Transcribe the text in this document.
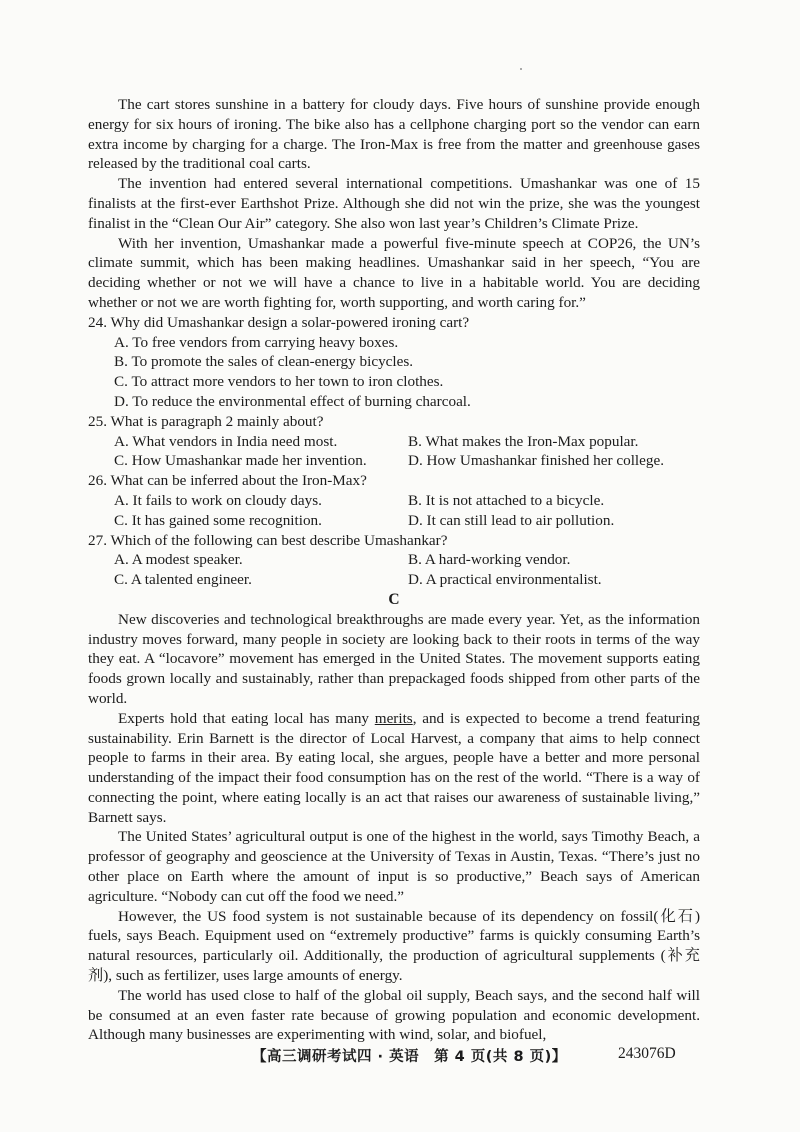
The cart stores sunshine in a battery for cloudy days. Five hours of sunshine provide enough energy for six hours of ironing. The bike also has a cellphone charging port so the vendor can earn extra income by charging for a charge. The Iron-Max is free from the matter and greenhouse gases released by the traditional coal carts.

The invention had entered several international competitions. Umashankar was one of 15 finalists at the first-ever Earthshot Prize. Although she did not win the prize, she was the youngest finalist in the “Clean Our Air” category. She also won last year’s Children’s Climate Prize.

With her invention, Umashankar made a powerful five-minute speech at COP26, the UN’s climate summit, which has been making headlines. Umashankar said in her speech, “You are deciding whether or not we will have a chance to live in a habitable world. You are deciding whether or not we are worth fighting for, worth supporting, and worth caring for.”

24. Why did Umashankar design a solar-powered ironing cart?

A. To free vendors from carrying heavy boxes.

B. To promote the sales of clean-energy bicycles.

C. To attract more vendors to her town to iron clothes.

D. To reduce the environmental effect of burning charcoal.

25. What is paragraph 2 mainly about?

A. What vendors in India need most.	B. What makes the Iron-Max popular.
C. How Umashankar made her invention.	D. How Umashankar finished her college.

26. What can be inferred about the Iron-Max?

A. It fails to work on cloudy days.	B. It is not attached to a bicycle.
C. It has gained some recognition.	D. It can still lead to air pollution.

27. Which of the following can best describe Umashankar?

A. A modest speaker.	B. A hard-working vendor.
C. A talented engineer.	D. A practical environmentalist.

C

New discoveries and technological breakthroughs are made every year. Yet, as the information industry moves forward, many people in society are looking back to their roots in terms of the way they eat. A “locavore” movement has emerged in the United States. The movement supports eating foods grown locally and sustainably, rather than prepackaged foods shipped from other parts of the world.

Experts hold that eating local has many merits, and is expected to become a trend featuring sustainability. Erin Barnett is the director of Local Harvest, a company that aims to help connect people to farms in their area. By eating local, she argues, people have a better and more personal understanding of the impact their food consumption has on the rest of the world. “There is a way of connecting the point, where eating locally is an act that raises our awareness of sustainable living,” Barnett says.

The United States’ agricultural output is one of the highest in the world, says Timothy Beach, a professor of geography and geoscience at the University of Texas in Austin, Texas. “There’s just no other place on Earth where the amount of input is so productive,” Beach says of American agriculture. “Nobody can cut off the food we need.”

However, the US food system is not sustainable because of its dependency on fossil(化石) fuels, says Beach. Equipment used on “extremely productive” farms is quickly consuming Earth’s natural resources, particularly oil. Additionally, the production of agricultural supplements (补充剂), such as fertilizer, uses large amounts of energy.

The world has used close to half of the global oil supply, Beach says, and the second half will be consumed at an even faster rate because of growing population and economic development. Although many businesses are experimenting with wind, solar, and biofuel,

【高三调研考试四 · 英语　第 4 页(共 8 页)】	243076D
